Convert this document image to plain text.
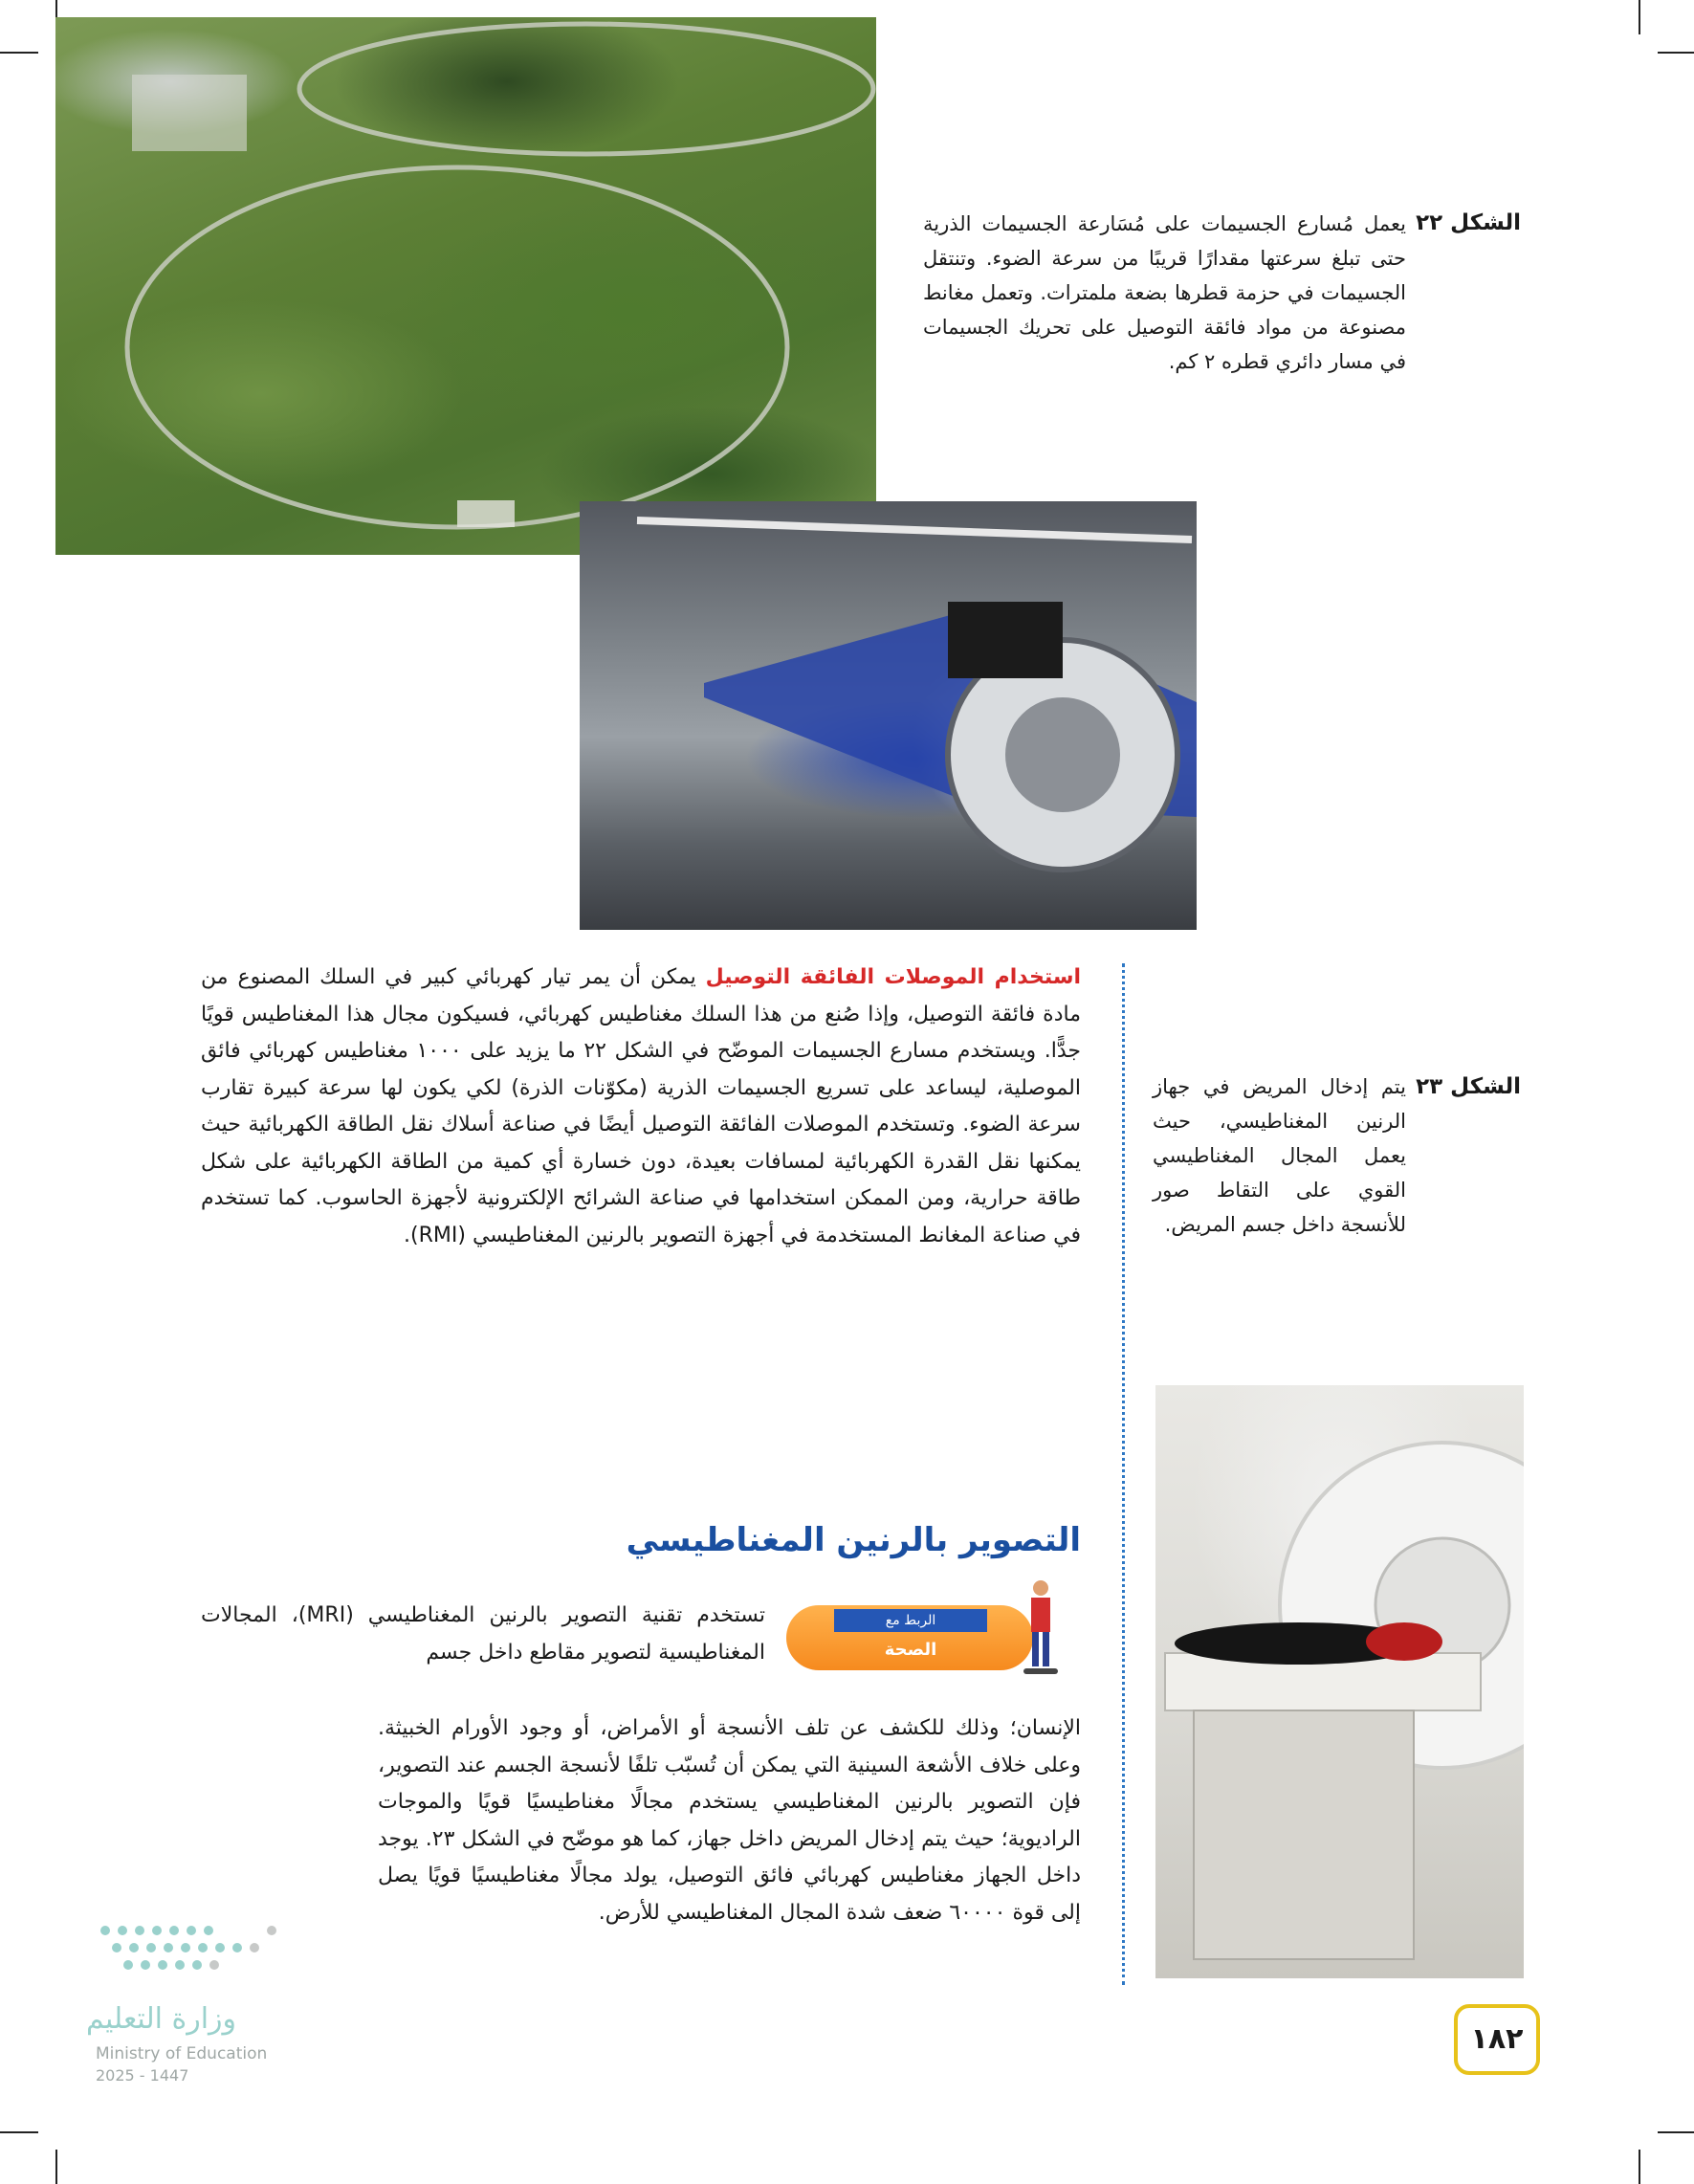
الشكل ٢٢
يعمل مُسارع الجسيمات على مُسَارعة الجسيمات الذرية حتى تبلغ سرعتها مقدارًا قريبًا من سرعة الضوء. وتنتقل الجسيمات في حزمة قطرها بضعة ملمترات. وتعمل مغانط مصنوعة من مواد فائقة التوصيل على تحريك الجسيمات في مسار دائري قطره ٢ كم.
استخدام الموصلات الفائقة التوصيل يمكن أن يمر تيار كهربائي كبير في السلك المصنوع من مادة فائقة التوصيل، وإذا صُنع من هذا السلك مغناطيس كهربائي، فسيكون مجال هذا المغناطيس قويًا جدًّا. ويستخدم مسارع الجسيمات الموضّح في الشكل ٢٢ ما يزيد على ١٠٠٠ مغناطيس كهربائي فائق الموصلية، ليساعد على تسريع الجسيمات الذرية (مكوّنات الذرة) لكي يكون لها سرعة كبيرة تقارب سرعة الضوء. وتستخدم الموصلات الفائقة التوصيل أيضًا في صناعة أسلاك نقل الطاقة الكهربائية حيث يمكنها نقل القدرة الكهربائية لمسافات بعيدة، دون خسارة أي كمية من الطاقة الكهربائية على شكل طاقة حرارية، ومن الممكن استخدامها في صناعة الشرائح الإلكترونية لأجهزة الحاسوب. كما تستخدم في صناعة المغانط المستخدمة في أجهزة التصوير بالرنين المغناطيسي (RMI).
الشكل ٢٣
يتم إدخال المريض في جهاز الرنين المغناطيسي، حيث يعمل المجال المغناطيسي القوي على التقاط صور للأنسجة داخل جسم المريض.
التصوير بالرنين المغناطيسي
الربط مع
الصحة
تستخدم تقنية التصوير بالرنين المغناطيسي (MRI)، المجالات المغناطيسية لتصوير مقاطع داخل جسم
الإنسان؛ وذلك للكشف عن تلف الأنسجة أو الأمراض، أو وجود الأورام الخبيثة. وعلى خلاف الأشعة السينية التي يمكن أن تُسبّب تلفًا لأنسجة الجسم عند التصوير، فإن التصوير بالرنين المغناطيسي يستخدم مجالًا مغناطيسيًا قويًا والموجات الراديوية؛ حيث يتم إدخال المريض داخل جهاز، كما هو موضّح في الشكل ٢٣. يوجد داخل الجهاز مغناطيس كهربائي فائق التوصيل، يولد مجالًا مغناطيسيًا قويًا يصل إلى قوة ٦٠٠٠٠ ضعف شدة المجال المغناطيسي للأرض.
وزارة التعليم
Ministry of Education
2025 - 1447
١٨٢
